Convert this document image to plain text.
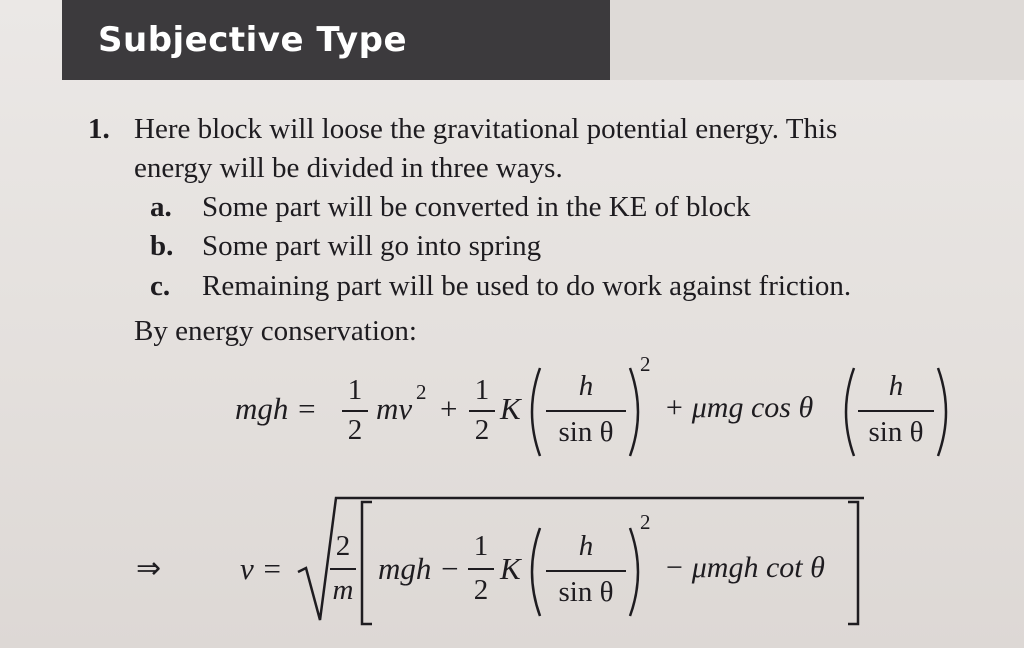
Subjective Type
1. Here block will loose the gravitational potential energy. This
energy will be divided in three ways.
a. Some part will be converted in the KE of block
b. Some part will go into spring
c. Remaining part will be used to do work against friction.
By energy conservation:
mgh =
1
2
mv 2 +
1
2
K
h
sin θ
2
+ μmg cos θ
h
sin θ
⇒	v =
2
m
mgh −
1
2
K
h
sin θ
2
− μmgh cot θ
